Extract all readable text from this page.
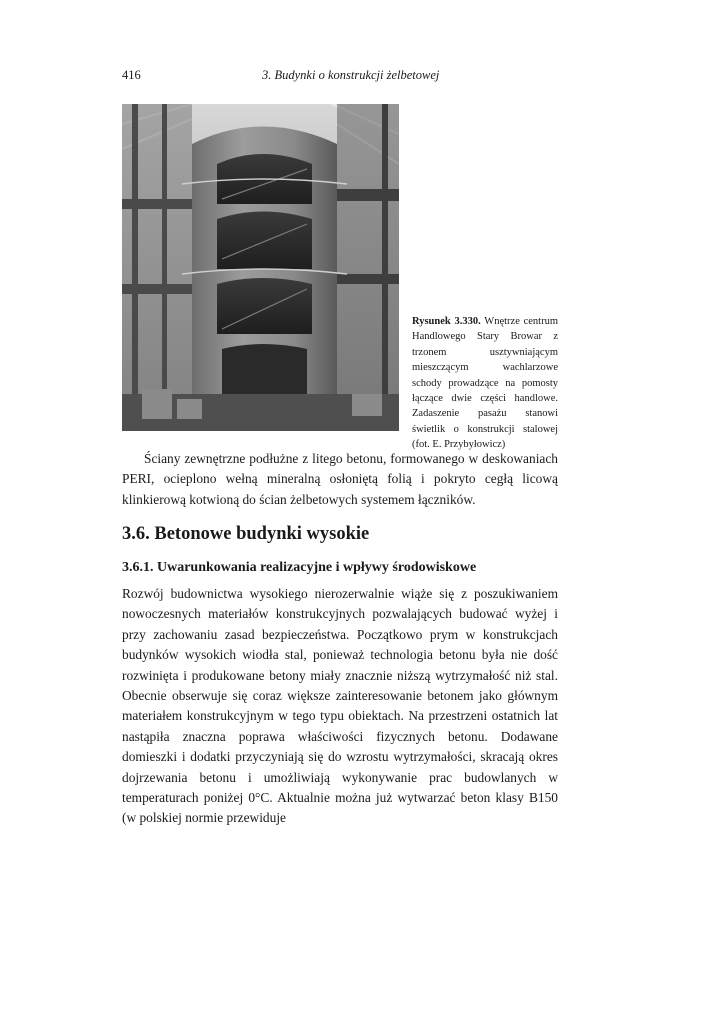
416	3. Budynki o konstrukcji żelbetowej
Rysunek 3.330. Wnętrze centrum Handlowego Stary Browar z trzonem usztywniającym mieszczącym wachlarzowe schody prowadzące na pomosty łączące dwie części handlowe. Zadaszenie pasażu stanowi świetlik o konstrukcji stalowej (fot. E. Przybyłowicz)

Ściany zewnętrzne podłużne z litego betonu, formowanego w deskowaniach PERI, ocieplono wełną mineralną osłoniętą folią i pokryto cegłą licową klinkierową kotwioną do ścian żelbetowych systemem łączników.

3.6. Betonowe budynki wysokie
3.6.1. Uwarunkowania realizacyjne i wpływy środowiskowe

Rozwój budownictwa wysokiego nierozerwalnie wiąże się z poszukiwaniem nowoczesnych materiałów konstrukcyjnych pozwalających budować wyżej i przy zachowaniu zasad bezpieczeństwa. Początkowo prym w konstrukcjach budynków wysokich wiodła stal, ponieważ technologia betonu była nie dość rozwinięta i produkowane betony miały znacznie niższą wytrzymałość niż stal. Obecnie obserwuje się coraz większe zainteresowanie betonem jako głównym materiałem konstrukcyjnym w tego typu obiektach. Na przestrzeni ostatnich lat nastąpiła znaczna poprawa właściwości fizycznych betonu. Dodawane domieszki i dodatki przyczyniają się do wzrostu wytrzymałości, skracają okres dojrzewania betonu i umożliwiają wykonywanie prac budowlanych w temperaturach poniżej 0°C. Aktualnie można już wytwarzać beton klasy B150 (w polskiej normie przewiduje
